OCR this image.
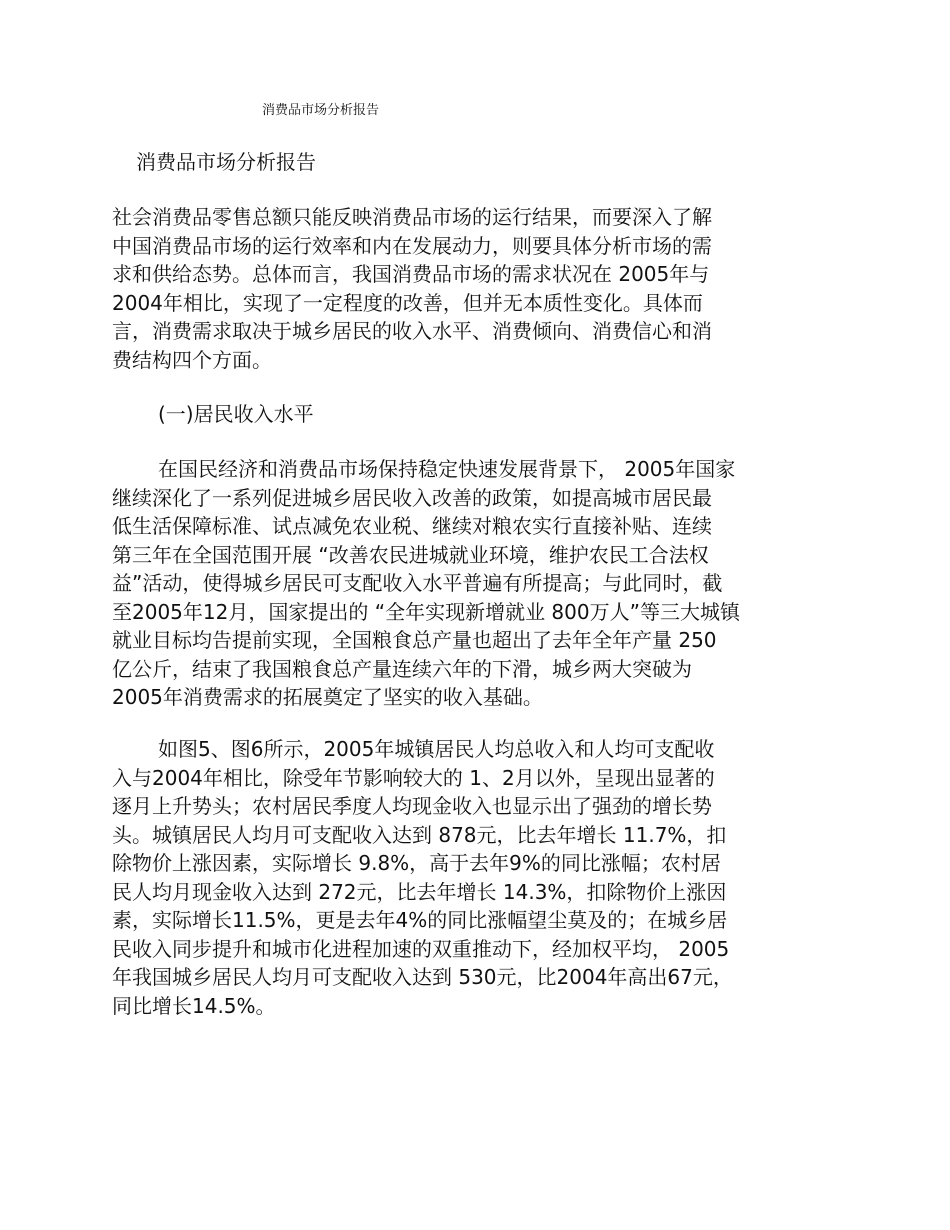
消费品市场分析报告
消费品市场分析报告
社会消费品零售总额只能反映消费品市场的运行结果，而要深入了解
中国消费品市场的运行效率和内在发展动力，则要具体分析市场的需
求和供给态势。总体而言，我国消费品市场的需求状况在 2005年与
2004年相比，实现了一定程度的改善，但并无本质性变化。具体而
言，消费需求取决于城乡居民的收入水平、消费倾向、消费信心和消
费结构四个方面。
(一)居民收入水平
在国民经济和消费品市场保持稳定快速发展背景下， 2005年国家
继续深化了一系列促进城乡居民收入改善的政策，如提高城市居民最
低生活保障标准、试点减免农业税、继续对粮农实行直接补贴、连续
第三年在全国范围开展 “改善农民进城就业环境，维护农民工合法权
益”活动，使得城乡居民可支配收入水平普遍有所提高；与此同时，截
至2005年12月，国家提出的 “全年实现新增就业 800万人”等三大城镇
就业目标均告提前实现，全国粮食总产量也超出了去年全年产量 250
亿公斤，结束了我国粮食总产量连续六年的下滑，城乡两大突破为
2005年消费需求的拓展奠定了坚实的收入基础。
如图5、图6所示，2005年城镇居民人均总收入和人均可支配收
入与2004年相比，除受年节影响较大的 1、2月以外，呈现出显著的
逐月上升势头；农村居民季度人均现金收入也显示出了强劲的增长势
头。城镇居民人均月可支配收入达到 878元，比去年增长 11.7%，扣
除物价上涨因素，实际增长 9.8%，高于去年9%的同比涨幅；农村居
民人均月现金收入达到 272元，比去年增长 14.3%，扣除物价上涨因
素，实际增长11.5%，更是去年4%的同比涨幅望尘莫及的；在城乡居
民收入同步提升和城市化进程加速的双重推动下，经加权平均， 2005
年我国城乡居民人均月可支配收入达到 530元，比2004年高出67元，
同比增长14.5%。
